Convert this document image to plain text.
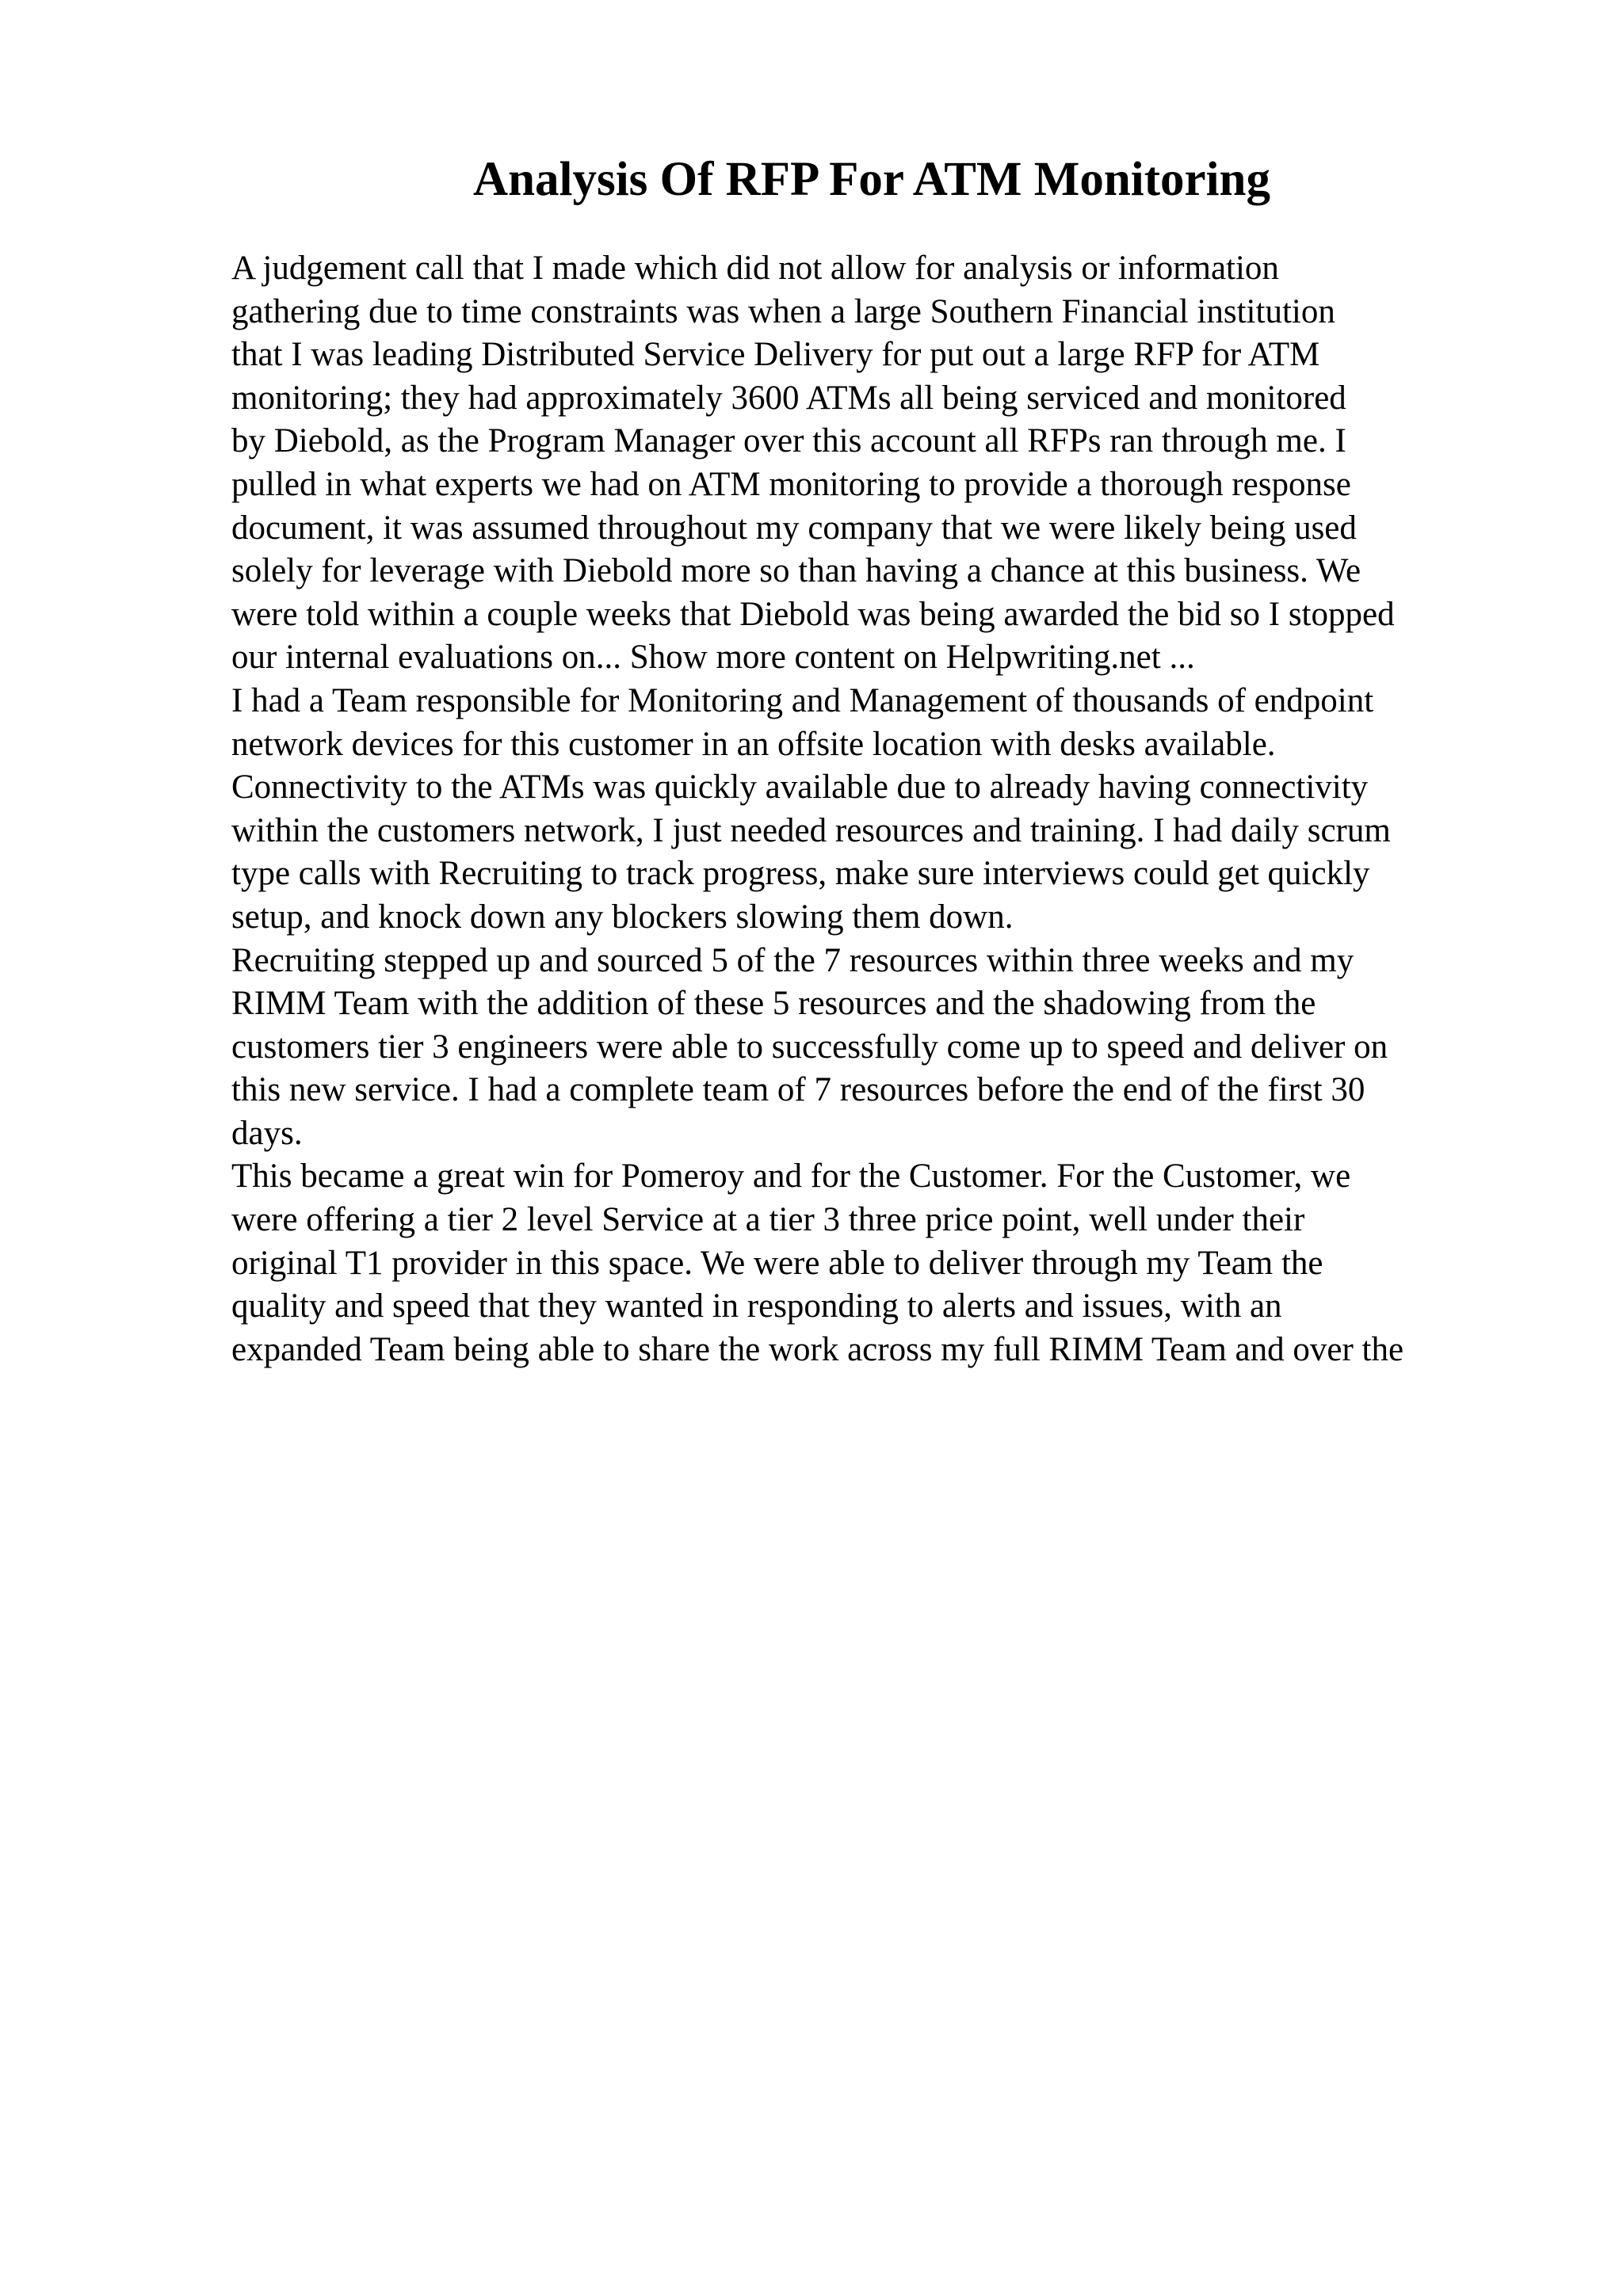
Analysis Of RFP For ATM Monitoring
A judgement call that I made which did not allow for analysis or information
gathering due to time constraints was when a large Southern Financial institution
that I was leading Distributed Service Delivery for put out a large RFP for ATM
monitoring; they had approximately 3600 ATMs all being serviced and monitored
by Diebold, as the Program Manager over this account all RFPs ran through me. I
pulled in what experts we had on ATM monitoring to provide a thorough response
document, it was assumed throughout my company that we were likely being used
solely for leverage with Diebold more so than having a chance at this business. We
were told within a couple weeks that Diebold was being awarded the bid so I stopped
our internal evaluations on... Show more content on Helpwriting.net ...
I had a Team responsible for Monitoring and Management of thousands of endpoint
network devices for this customer in an offsite location with desks available.
Connectivity to the ATMs was quickly available due to already having connectivity
within the customers network, I just needed resources and training. I had daily scrum
type calls with Recruiting to track progress, make sure interviews could get quickly
setup, and knock down any blockers slowing them down.
Recruiting stepped up and sourced 5 of the 7 resources within three weeks and my
RIMM Team with the addition of these 5 resources and the shadowing from the
customers tier 3 engineers were able to successfully come up to speed and deliver on
this new service. I had a complete team of 7 resources before the end of the first 30
days.
This became a great win for Pomeroy and for the Customer. For the Customer, we
were offering a tier 2 level Service at a tier 3 three price point, well under their
original T1 provider in this space. We were able to deliver through my Team the
quality and speed that they wanted in responding to alerts and issues, with an
expanded Team being able to share the work across my full RIMM Team and over the
